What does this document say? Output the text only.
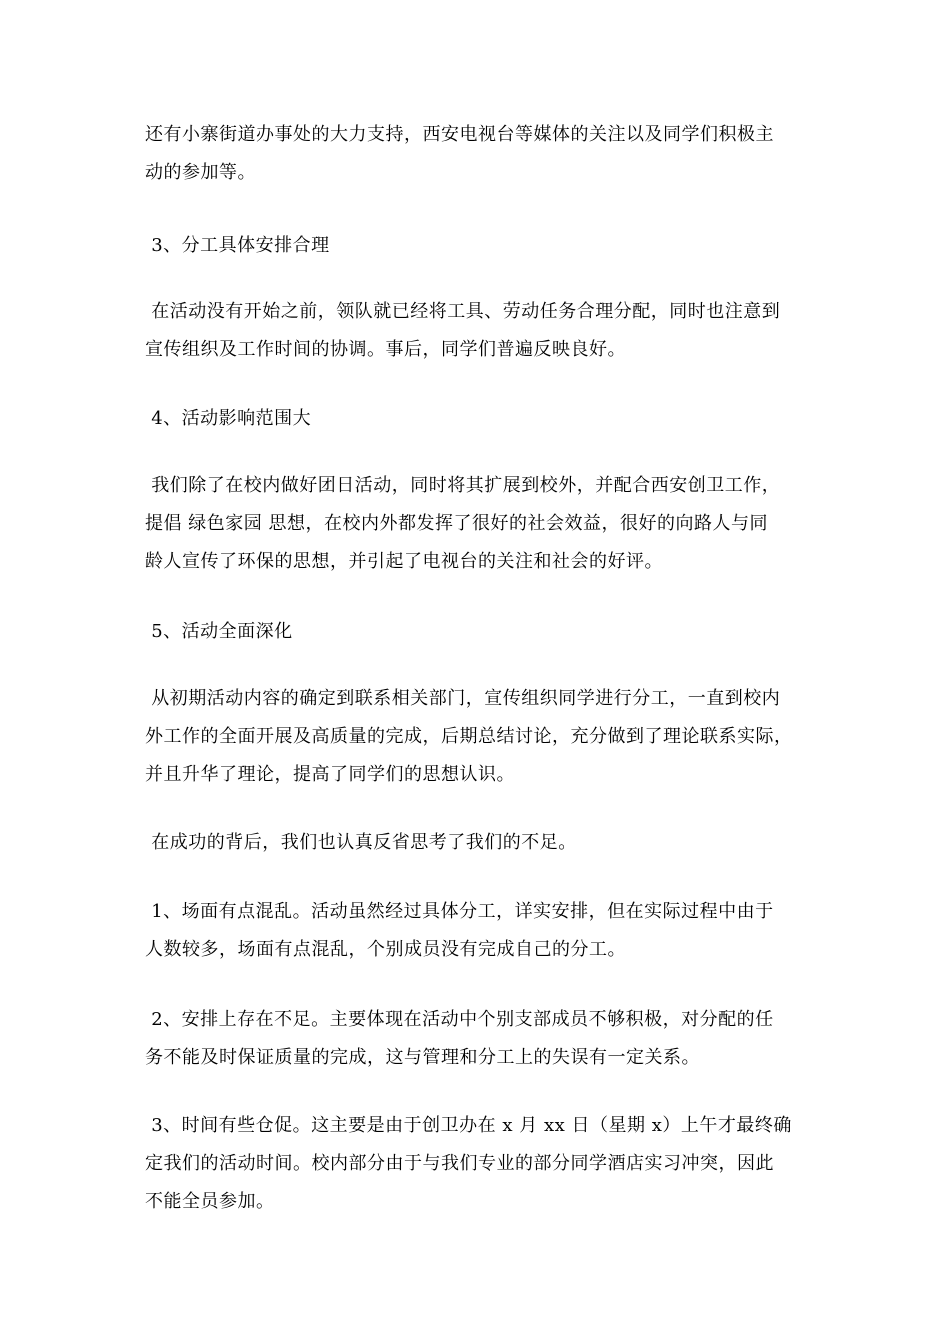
还有小寨街道办事处的大力支持，西安电视台等媒体的关注以及同学们积极主
动的参加等。

3、分工具体安排合理

在活动没有开始之前，领队就已经将工具、劳动任务合理分配，同时也注意到
宣传组织及工作时间的协调。事后，同学们普遍反映良好。

4、活动影响范围大

我们除了在校内做好团日活动，同时将其扩展到校外，并配合西安创卫工作，
提倡 绿色家园 思想，在校内外都发挥了很好的社会效益，很好的向路人与同
龄人宣传了环保的思想，并引起了电视台的关注和社会的好评。

5、活动全面深化

从初期活动内容的确定到联系相关部门，宣传组织同学进行分工，一直到校内
外工作的全面开展及高质量的完成，后期总结讨论，充分做到了理论联系实际，
并且升华了理论，提高了同学们的思想认识。

在成功的背后，我们也认真反省思考了我们的不足。

1、场面有点混乱。活动虽然经过具体分工，详实安排，但在实际过程中由于
人数较多，场面有点混乱，个别成员没有完成自己的分工。

2、安排上存在不足。主要体现在活动中个别支部成员不够积极，对分配的任
务不能及时保证质量的完成，这与管理和分工上的失误有一定关系。

3、时间有些仓促。这主要是由于创卫办在 x 月 xx 日（星期 x）上午才最终确
定我们的活动时间。校内部分由于与我们专业的部分同学酒店实习冲突，因此
不能全员参加。
